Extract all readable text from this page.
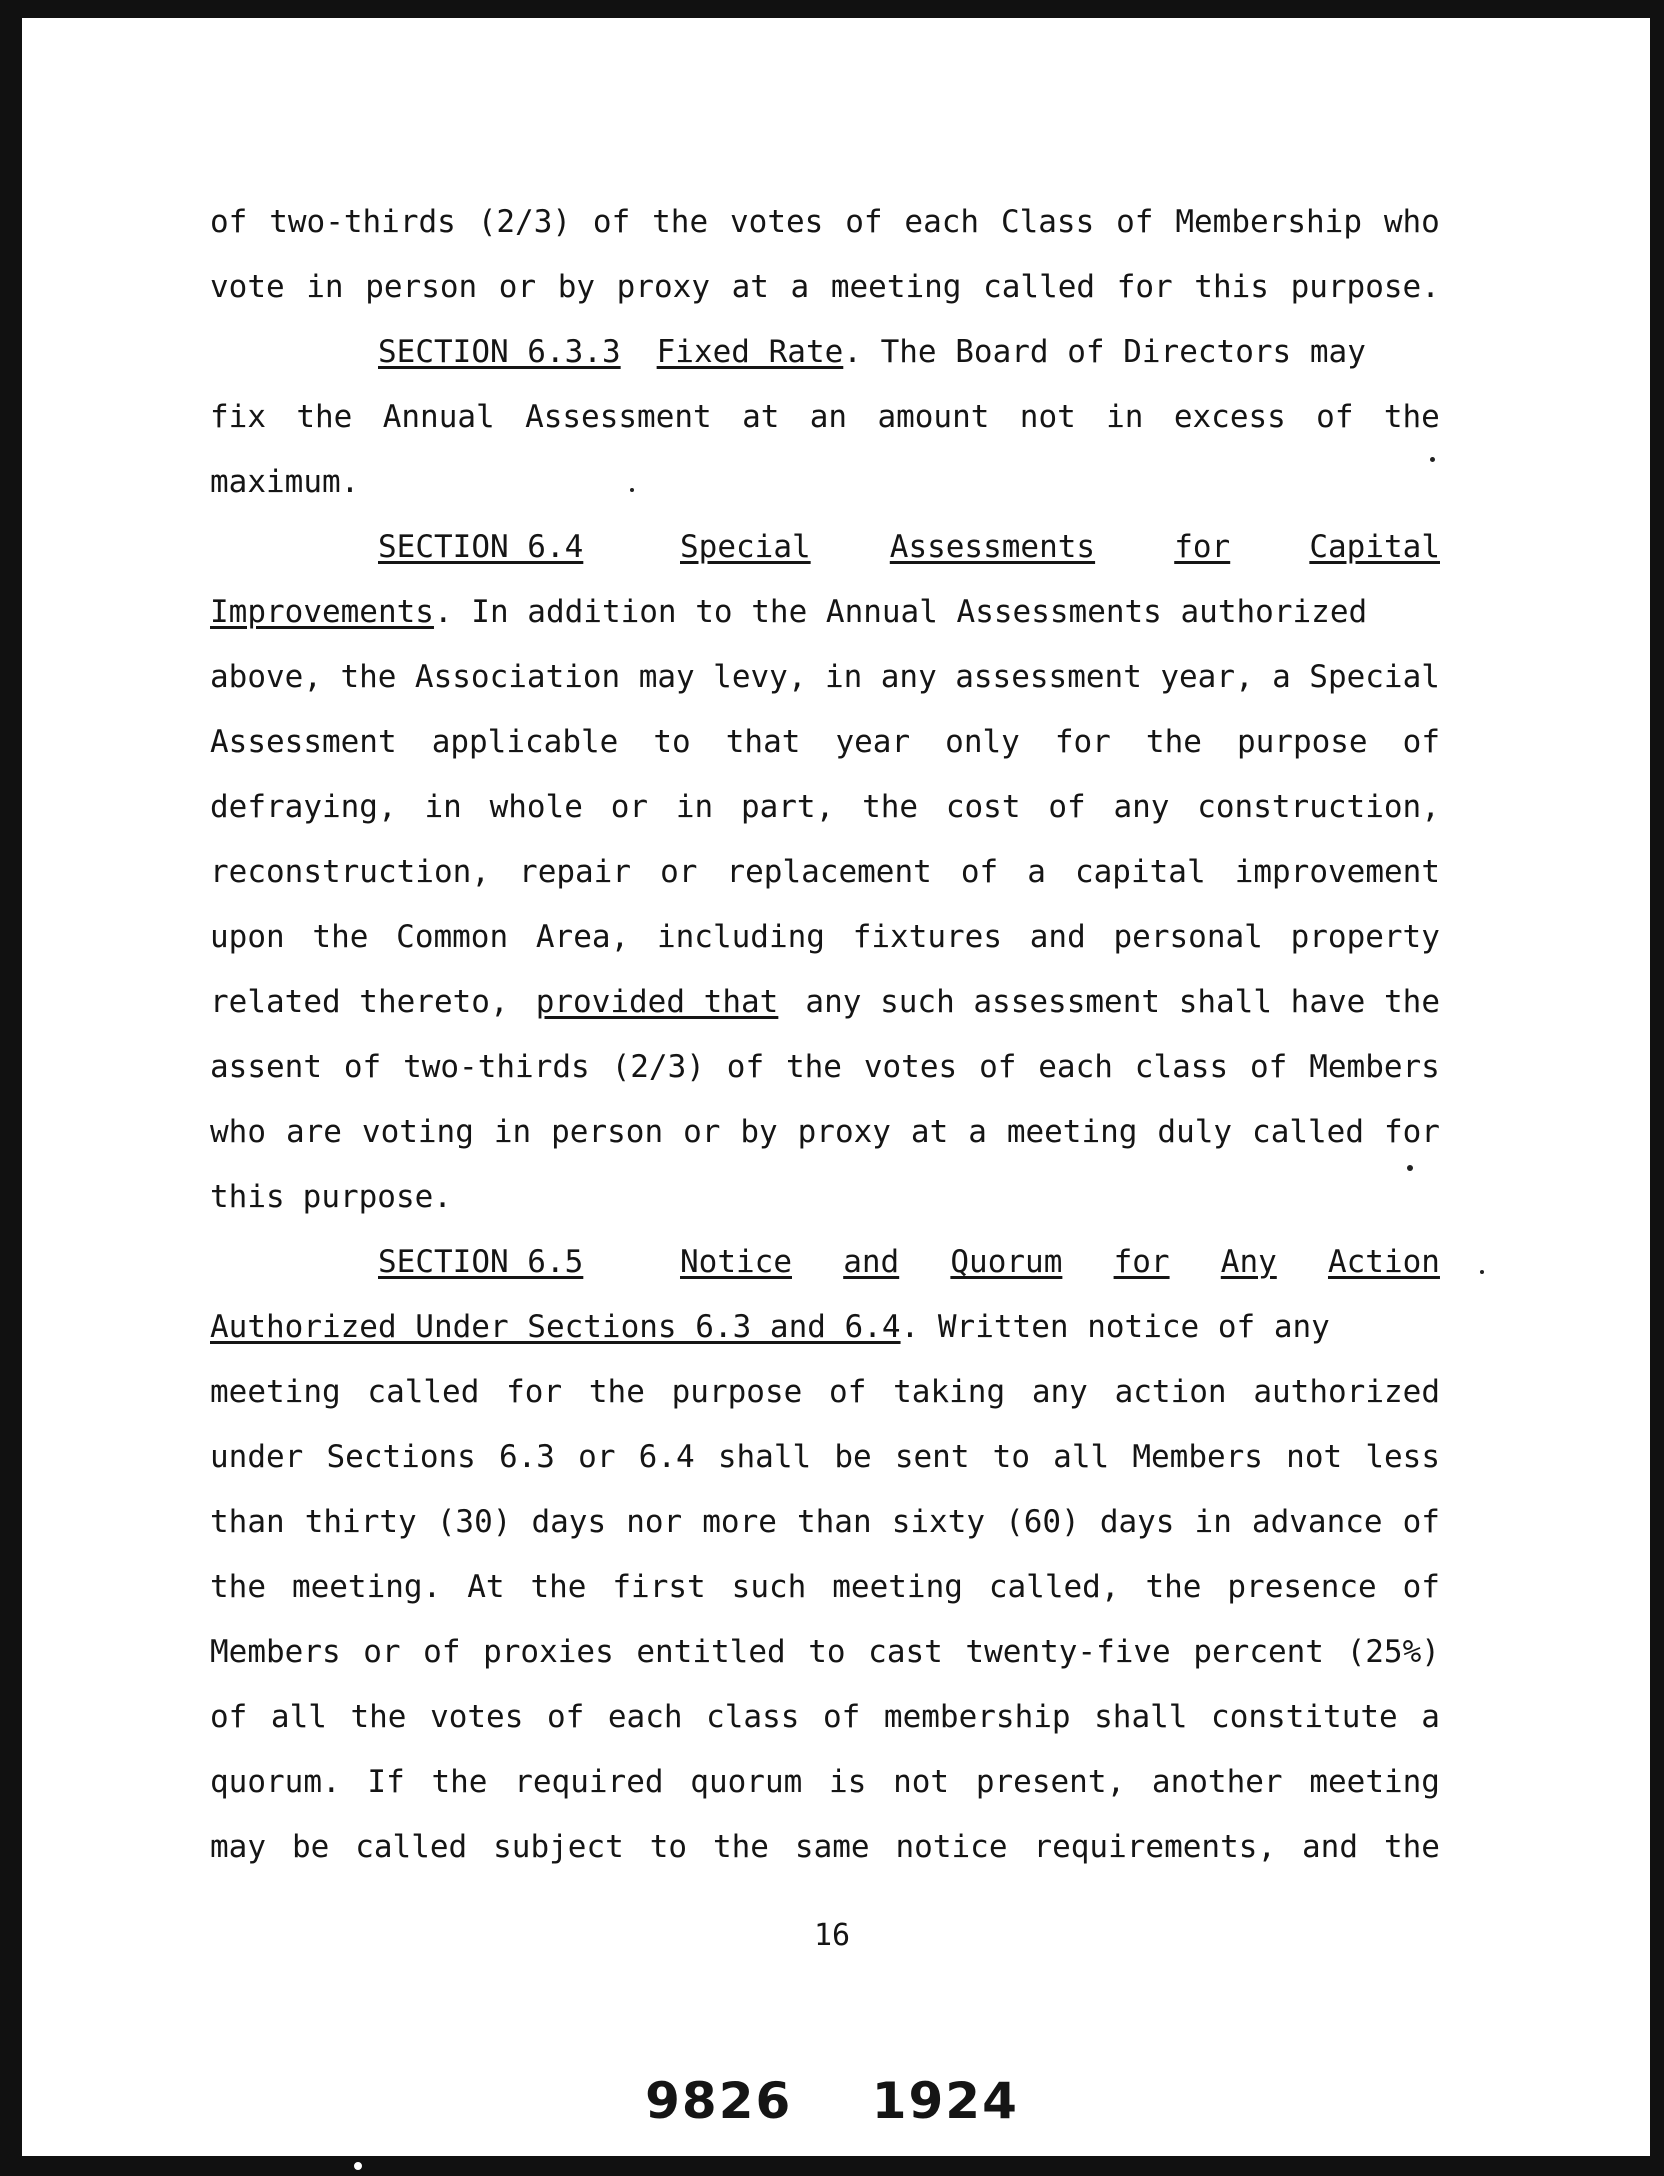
of two-thirds (2/3) of the votes of each Class of Membership who
vote in person or by proxy at a meeting called for this purpose.
SECTION 6.3.3 Fixed Rate. The Board of Directors may
fix the Annual Assessment at an amount not in excess of the
maximum.
SECTION 6.4	Special	Assessments	for	Capital
Improvements. In addition to the Annual Assessments authorized
above, the Association may levy, in any assessment year, a Special
Assessment applicable to that year only for the purpose of
defraying, in whole or in part, the cost of any construction,
reconstruction, repair or replacement of a capital improvement
upon the Common Area, including fixtures and personal property
related thereto, provided that any such assessment shall have the
assent of two-thirds (2/3) of the votes of each class of Members
who are voting in person or by proxy at a meeting duly called for
this purpose.
SECTION 6.5	Notice and Quorum for Any Action
Authorized Under Sections 6.3 and 6.4. Written notice of any
meeting called for the purpose of taking any action authorized
under Sections 6.3 or 6.4 shall be sent to all Members not less
than thirty (30) days nor more than sixty (60) days in advance of
the meeting. At the first such meeting called, the presence of
Members or of proxies entitled to cast twenty-five percent (25%)
of all the votes of each class of membership shall constitute a
quorum. If the required quorum is not present, another meeting
may be called subject to the same notice requirements, and the
16
9826 1924
